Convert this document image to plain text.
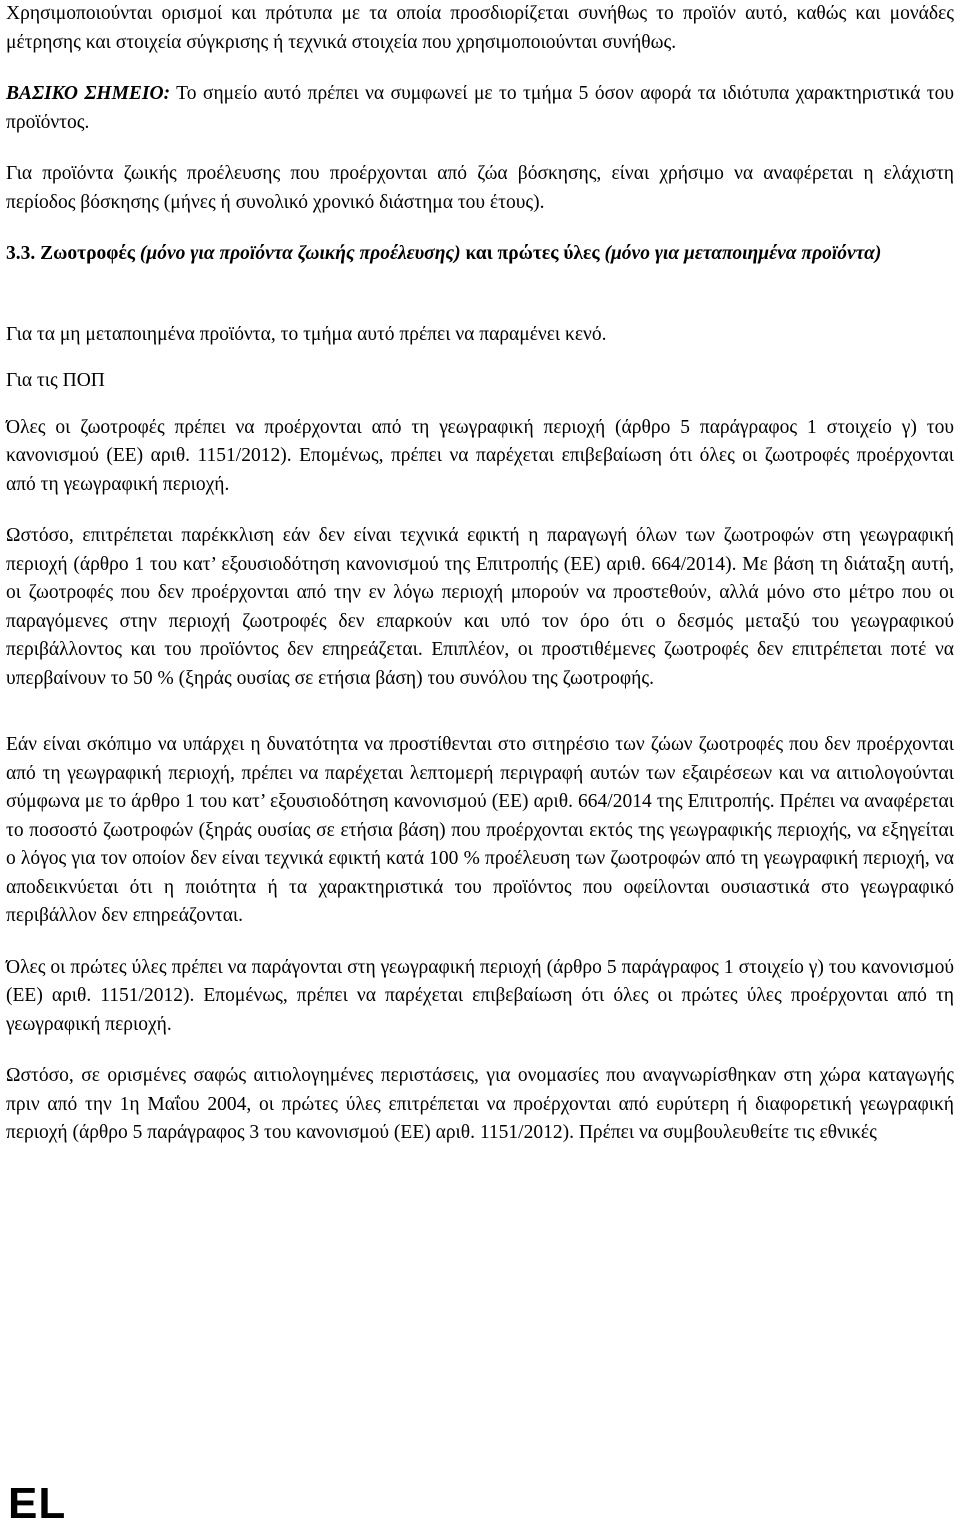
Χρησιμοποιούνται ορισμοί και πρότυπα με τα οποία προσδιορίζεται συνήθως το προϊόν αυτό, καθώς και μονάδες μέτρησης και στοιχεία σύγκρισης ή τεχνικά στοιχεία που χρησιμοποιούνται συνήθως.

ΒΑΣΙΚΟ ΣΗΜΕΙΟ: Το σημείο αυτό πρέπει να συμφωνεί με το τμήμα 5 όσον αφορά τα ιδιότυπα χαρακτηριστικά του προϊόντος.

Για προϊόντα ζωικής προέλευσης που προέρχονται από ζώα βόσκησης, είναι χρήσιμο να αναφέρεται η ελάχιστη περίοδος βόσκησης (μήνες ή συνολικό χρονικό διάστημα του έτους).

3.3. Ζωοτροφές (μόνο για προϊόντα ζωικής προέλευσης) και πρώτες ύλες (μόνο για μεταποιημένα προϊόντα)

Για τα μη μεταποιημένα προϊόντα, το τμήμα αυτό πρέπει να παραμένει κενό.

Για τις ΠΟΠ

Όλες οι ζωοτροφές πρέπει να προέρχονται από τη γεωγραφική περιοχή (άρθρο 5 παράγραφος 1 στοιχείο γ) του κανονισμού (ΕΕ) αριθ. 1151/2012). Επομένως, πρέπει να παρέχεται επιβεβαίωση ότι όλες οι ζωοτροφές προέρχονται από τη γεωγραφική περιοχή.

Ωστόσο, επιτρέπεται παρέκκλιση εάν δεν είναι τεχνικά εφικτή η παραγωγή όλων των ζωοτροφών στη γεωγραφική περιοχή (άρθρο 1 του κατ’ εξουσιοδότηση κανονισμού της Επιτροπής (ΕΕ) αριθ. 664/2014). Με βάση τη διάταξη αυτή, οι ζωοτροφές που δεν προέρχονται από την εν λόγω περιοχή μπορούν να προστεθούν, αλλά μόνο στο μέτρο που οι παραγόμενες στην περιοχή ζωοτροφές δεν επαρκούν και υπό τον όρο ότι ο δεσμός μεταξύ του γεωγραφικού περιβάλλοντος και του προϊόντος δεν επηρεάζεται. Επιπλέον, οι προστιθέμενες ζωοτροφές δεν επιτρέπεται ποτέ να υπερβαίνουν το 50 % (ξηράς ουσίας σε ετήσια βάση) του συνόλου της ζωοτροφής.

Εάν είναι σκόπιμο να υπάρχει η δυνατότητα να προστίθενται στο σιτηρέσιο των ζώων ζωοτροφές που δεν προέρχονται από τη γεωγραφική περιοχή, πρέπει να παρέχεται λεπτομερή περιγραφή αυτών των εξαιρέσεων και να αιτιολογούνται σύμφωνα με το άρθρο 1 του κατ’ εξουσιοδότηση κανονισμού (ΕΕ) αριθ. 664/2014 της Επιτροπής. Πρέπει να αναφέρεται το ποσοστό ζωοτροφών (ξηράς ουσίας σε ετήσια βάση) που προέρχονται εκτός της γεωγραφικής περιοχής, να εξηγείται ο λόγος για τον οποίον δεν είναι τεχνικά εφικτή κατά 100 % προέλευση των ζωοτροφών από τη γεωγραφική περιοχή, να αποδεικνύεται ότι η ποιότητα ή τα χαρακτηριστικά του προϊόντος που οφείλονται ουσιαστικά στο γεωγραφικό περιβάλλον δεν επηρεάζονται.

Όλες οι πρώτες ύλες πρέπει να παράγονται στη γεωγραφική περιοχή (άρθρο 5 παράγραφος 1 στοιχείο γ) του κανονισμού (ΕΕ) αριθ. 1151/2012). Επομένως, πρέπει να παρέχεται επιβεβαίωση ότι όλες οι πρώτες ύλες προέρχονται από τη γεωγραφική περιοχή.

Ωστόσο, σε ορισμένες σαφώς αιτιολογημένες περιστάσεις, για ονομασίες που αναγνωρίσθηκαν στη χώρα καταγωγής πριν από την 1η Μαΐου 2004, οι πρώτες ύλες επιτρέπεται να προέρχονται από ευρύτερη ή διαφορετική γεωγραφική περιοχή (άρθρο 5 παράγραφος 3 του κανονισμού (ΕΕ) αριθ. 1151/2012). Πρέπει να συμβουλευθείτε τις εθνικές

EL
